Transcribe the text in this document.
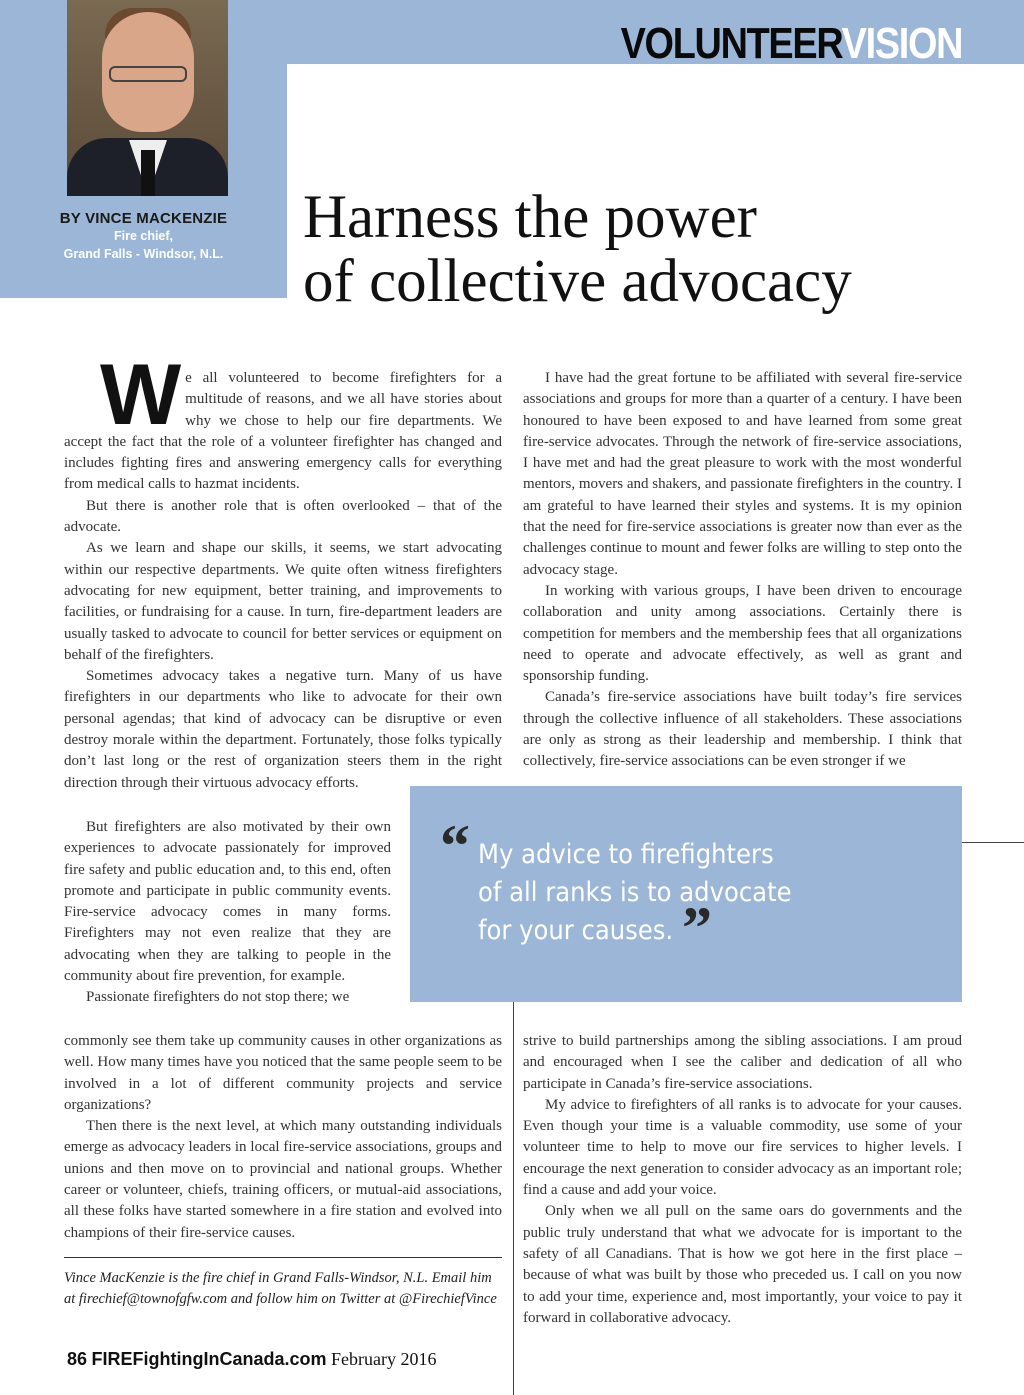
BY VINCE MACKENZIE
Fire chief,
Grand Falls - Windsor, N.L.
VOLUNTEERVISION
Harness the power
of collective advocacy
W e all volunteered to become firefighters for a multitude of reasons, and we all have stories about why we chose to help our fire departments. We accept the fact that the role of a volunteer firefighter has changed and includes fighting fires and answering emergency calls for everything from medical calls to hazmat incidents.

But there is another role that is often overlooked – that of the advocate.

As we learn and shape our skills, it seems, we start advocating within our respective departments. We quite often witness firefighters advocating for new equipment, better training, and improvements to facilities, or fundraising for a cause. In turn, fire-department leaders are usually tasked to advocate to council for better services or equipment on behalf of the firefighters.

Sometimes advocacy takes a negative turn. Many of us have firefighters in our departments who like to advocate for their own personal agendas; that kind of advocacy can be disruptive or even destroy morale within the department. Fortunately, those folks typically don’t last long or the rest of organization steers them in the right direction through their virtuous advocacy efforts.

But firefighters are also motivated by their own experiences to advocate passionately for improved fire safety and public education and, to this end, often promote and participate in public community events. Fire-service advocacy comes in many forms. Firefighters may not even realize that they are advocating when they are talking to people in the community about fire prevention, for example.

Passionate firefighters do not stop there; we

commonly see them take up community causes in other organizations as well. How many times have you noticed that the same people seem to be involved in a lot of different community projects and service organizations?

Then there is the next level, at which many outstanding individuals emerge as advocacy leaders in local fire-service associations, groups and unions and then move on to provincial and national groups. Whether career or volunteer, chiefs, training officers, or mutual-aid associations, all these folks have started somewhere in a fire station and evolved into champions of their fire-service causes.

I have had the great fortune to be affiliated with several fire-service associations and groups for more than a quarter of a century. I have been honoured to have been exposed to and have learned from some great fire-service advocates. Through the network of fire-service associations, I have met and had the great pleasure to work with the most wonderful mentors, movers and shakers, and passionate firefighters in the country. I am grateful to have learned their styles and systems. It is my opinion that the need for fire-service associations is greater now than ever as the challenges continue to mount and fewer folks are willing to step onto the advocacy stage.

In working with various groups, I have been driven to encourage collaboration and unity among associations. Certainly there is competition for members and the membership fees that all organizations need to operate and advocate effectively, as well as grant and sponsorship funding.

Canada’s fire-service associations have built today’s fire services through the collective influence of all stakeholders. These associations are only as strong as their leadership and membership. I think that collectively, fire-service associations can be even stronger if we

“ My advice to firefighters
of all ranks is to advocate
for your causes. ”

strive to build partnerships among the sibling associations. I am proud and encouraged when I see the caliber and dedication of all who participate in Canada’s fire-service associations.

My advice to firefighters of all ranks is to advocate for your causes. Even though your time is a valuable commodity, use some of your volunteer time to help to move our fire services to higher levels. I encourage the next generation to consider advocacy as an important role; find a cause and add your voice.

Only when we all pull on the same oars do governments and the public truly understand that what we advocate for is important to the safety of all Canadians. That is how we got here in the first place – because of what was built by those who preceded us. I call on you now to add your time, experience and, most importantly, your voice to pay it forward in collaborative advocacy.

Vince MacKenzie is the fire chief in Grand Falls-Windsor, N.L. Email him at firechief@townofgfw.com and follow him on Twitter at @FirechiefVince
86 FIREFightingInCanada.com February 2016
